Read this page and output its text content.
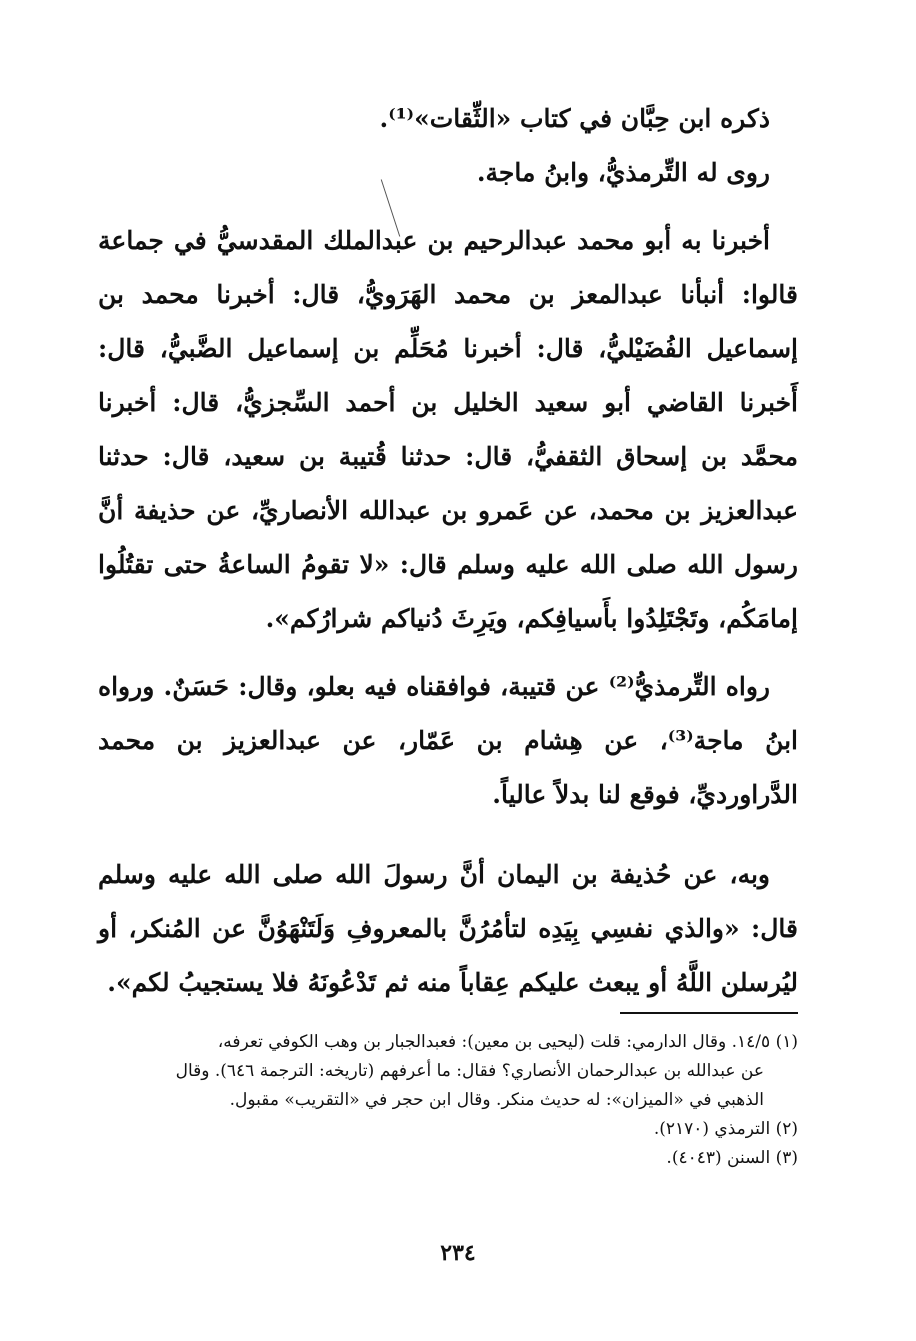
ذكره ابن حِبَّان في كتاب «الثِّقات»⁽¹⁾.

روى له التِّرمذيُّ، وابنُ ماجة.

أخبرنا به أبو محمد عبدالرحيم بن عبدالملك المقدسيُّ في جماعة قالوا: أنبأنا عبدالمعز بن محمد الهَرَويُّ، قال: أخبرنا محمد بن إسماعيل الفُضَيْليُّ، قال: أخبرنا مُحَلِّم بن إسماعيل الضَّبيُّ، قال: أَخبرنا القاضي أبو سعيد الخليل بن أحمد السِّجزيُّ، قال: أخبرنا محمَّد بن إسحاق الثقفيُّ، قال: حدثنا قُتيبة بن سعيد، قال: حدثنا عبدالعزيز بن محمد، عن عَمرو بن عبدالله الأنصاريِّ، عن حذيفة أنَّ رسول الله صلى الله عليه وسلم قال: «لا تقومُ الساعةُ حتى تقتُلُوا إمامَكُم، وتَجْتَلِدُوا بأَسيافِكم، ويَرِثَ دُنياكم شرارُكم».

رواه التِّرمذيُّ⁽²⁾ عن قتيبة، فوافقناه فيه بعلو، وقال: حَسَنٌ. ورواه ابنُ ماجة⁽³⁾، عن هِشام بن عَمّار، عن عبدالعزيز بن محمد الدَّراورديِّ، فوقع لنا بدلاً عالياً.

وبه، عن حُذيفة بن اليمان أنَّ رسولَ الله صلى الله عليه وسلم قال: «والذي نفسِي بِيَدِه لتأمُرُنَّ بالمعروفِ وَلَتَنْهَوُنَّ عن المُنكر، أو ليُرسلن اللَّهُ أو يبعث عليكم عِقاباً منه ثم تَدْعُونَهُ فلا يستجيبُ لكم».

(١) ١٤/٥. وقال الدارمي: قلت (ليحيى بن معين): فعبدالجبار بن وهب الكوفي تعرفه،

عن عبدالله بن عبدالرحمان الأنصاري؟ فقال: ما أعرفهم (تاريخه: الترجمة ٦٤٦). وقال

الذهبي في «الميزان»: له حديث منكر. وقال ابن حجر في «التقريب» مقبول.

(٢) الترمذي (٢١٧٠).

(٣) السنن (٤٠٤٣).

٢٣٤
